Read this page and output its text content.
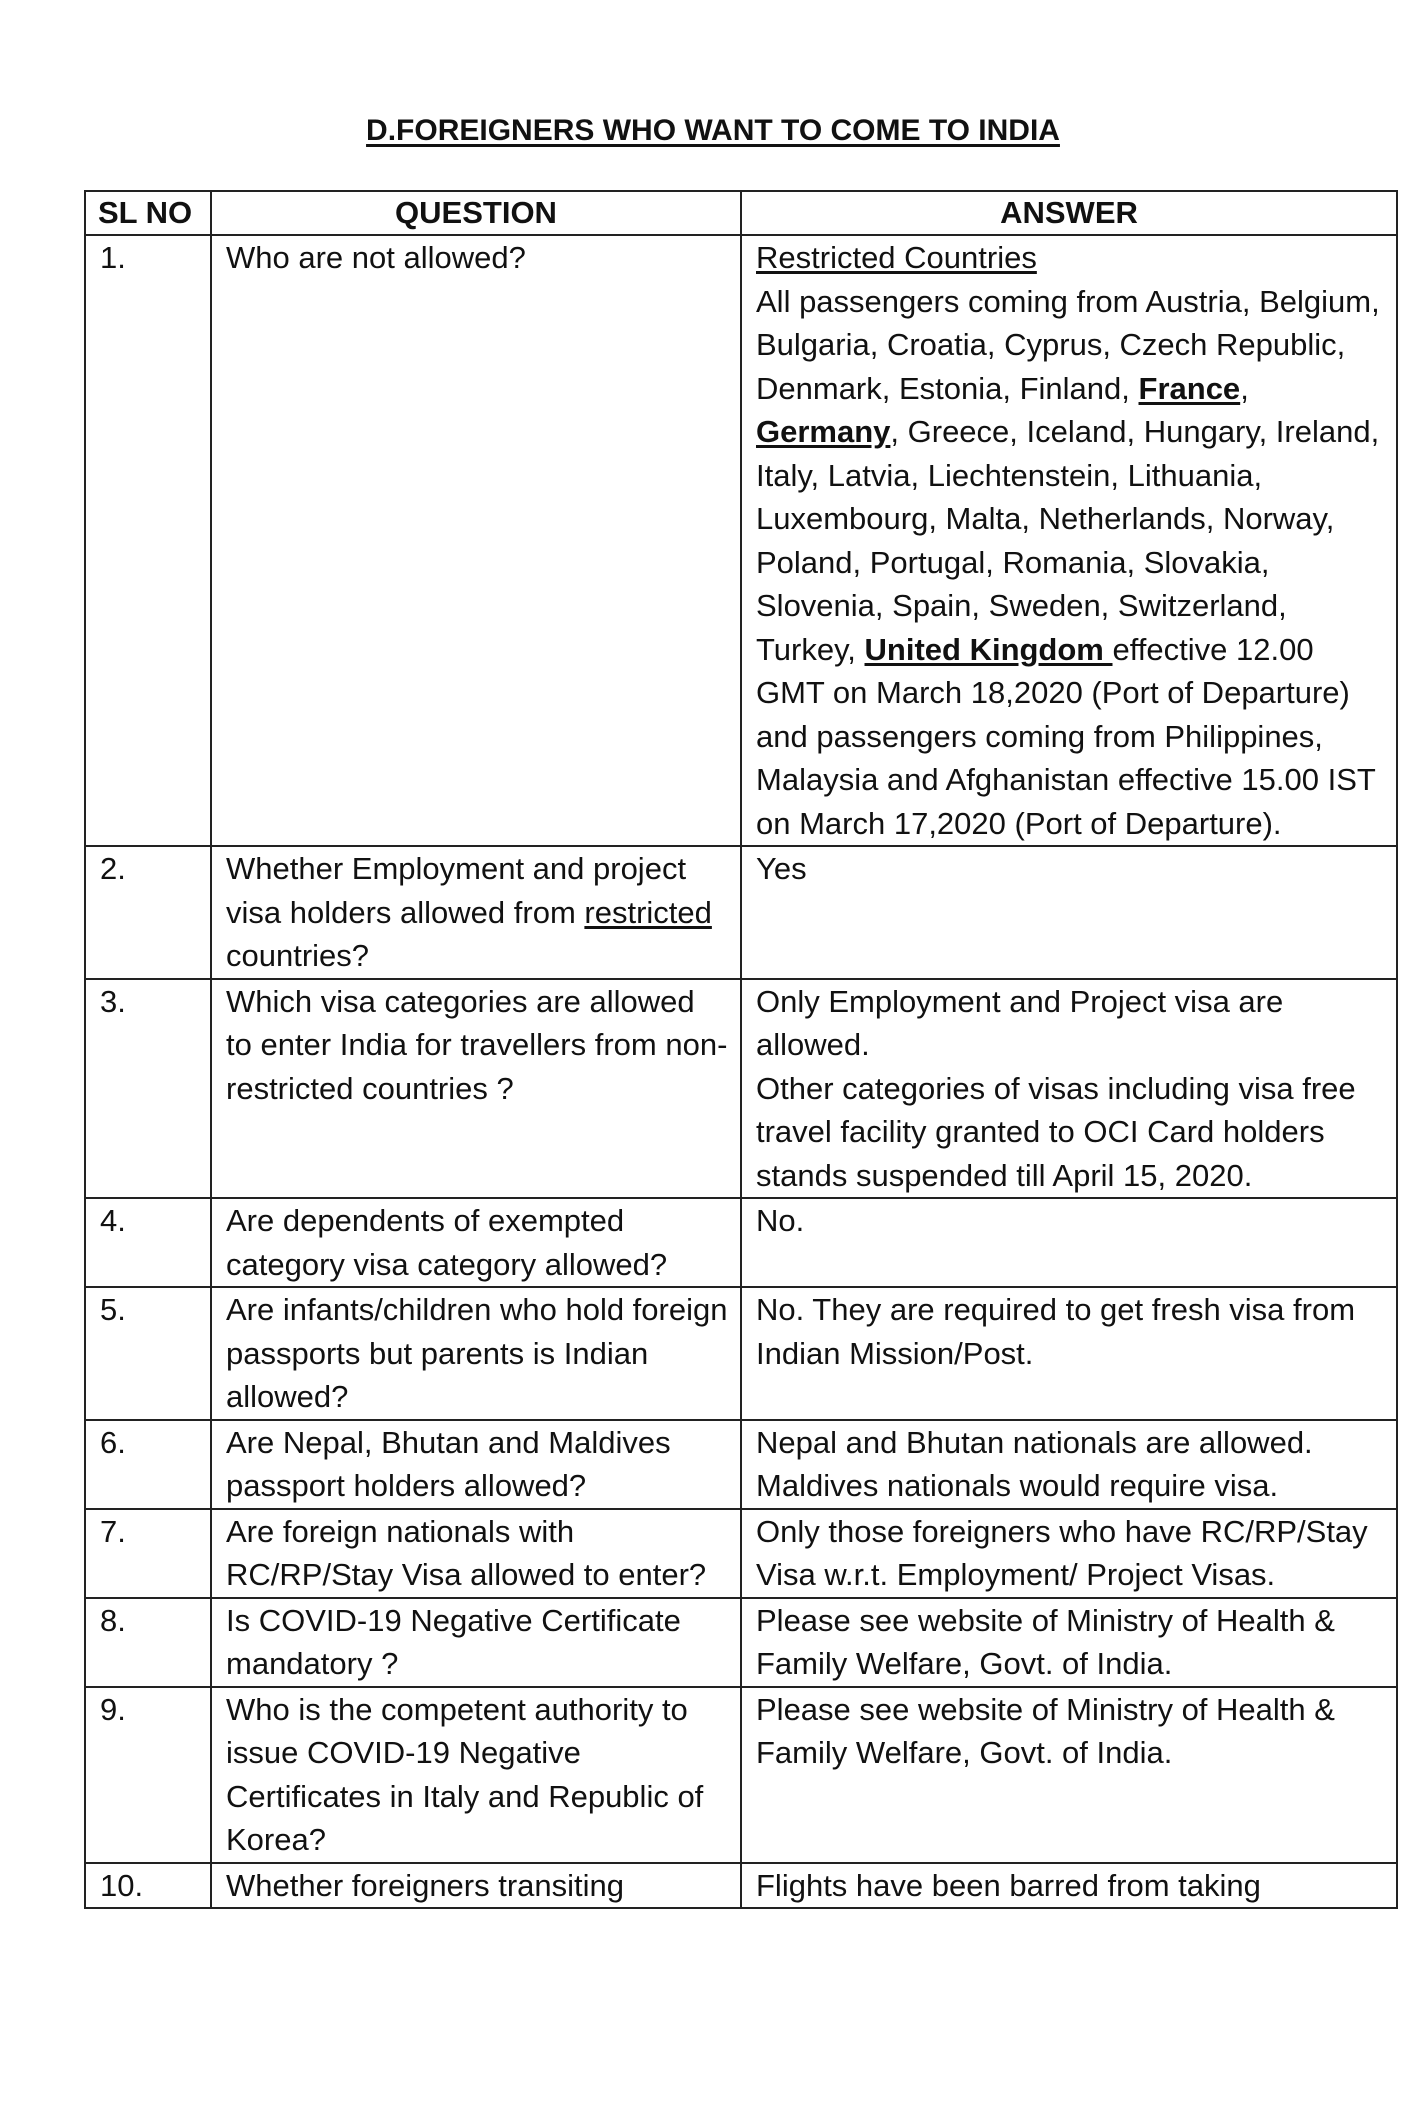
D.FOREIGNERS WHO WANT TO COME TO INDIA
SL NO	QUESTION	ANSWER
1.	Who are not allowed?	Restricted Countries
All passengers coming from Austria, Belgium, Bulgaria, Croatia, Cyprus, Czech Republic, Denmark, Estonia, Finland, France, Germany, Greece, Iceland, Hungary, Ireland, Italy, Latvia, Liechtenstein, Lithuania, Luxembourg, Malta, Netherlands, Norway, Poland, Portugal, Romania, Slovakia, Slovenia, Spain, Sweden, Switzerland, Turkey, United Kingdom effective 12.00 GMT on March 18,2020 (Port of Departure) and passengers coming from Philippines, Malaysia and Afghanistan effective 15.00 IST on March 17,2020 (Port of Departure).
2.	Whether Employment and project visa holders allowed from restricted countries?	Yes
3.	Which visa categories are allowed to enter India for travellers from non-restricted countries ?	Only Employment and Project visa are allowed.
Other categories of visas including visa free travel facility granted to OCI Card holders stands suspended till April 15, 2020.

4.	Are dependents of exempted category visa category allowed?	No.
5.	Are infants/children who hold foreign passports but parents is Indian allowed?	No. They are required to get fresh visa from Indian Mission/Post.
6.	Are Nepal, Bhutan and Maldives passport holders allowed?	Nepal and Bhutan nationals are allowed.
Maldives nationals would require visa.

7.	Are foreign nationals with RC/RP/Stay Visa allowed to enter?	Only those foreigners who have RC/RP/Stay Visa w.r.t. Employment/ Project Visas.
8.	Is COVID-19 Negative Certificate mandatory ?	Please see website of Ministry of Health & Family Welfare, Govt. of India.
9.	Who is the competent authority to issue COVID-19 Negative Certificates in Italy and Republic of Korea?	Please see website of Ministry of Health & Family Welfare, Govt. of India.
10.	Whether foreigners transiting	Flights have been barred from taking
